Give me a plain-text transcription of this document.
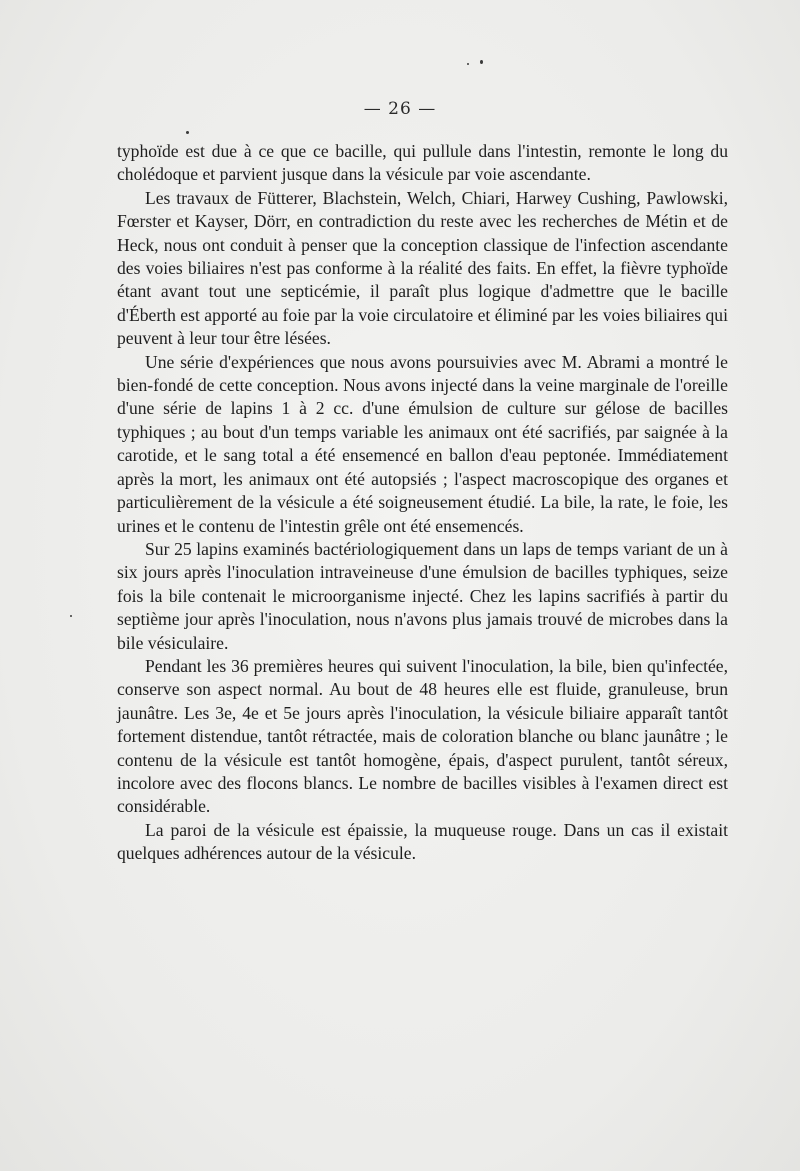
— 26 —

typhoïde est due à ce que ce bacille, qui pullule dans l'intestin, remonte le long du cholédoque et parvient jusque dans la vésicule par voie ascendante.

Les travaux de Fütterer, Blachstein, Welch, Chiari, Harwey Cushing, Pawlowski, Fœrster et Kayser, Dörr, en contradiction du reste avec les recherches de Métin et de Heck, nous ont conduit à penser que la conception classique de l'infection ascendante des voies biliaires n'est pas conforme à la réalité des faits. En effet, la fièvre typhoïde étant avant tout une septicémie, il paraît plus logique d'admettre que le bacille d'Éberth est apporté au foie par la voie circulatoire et éliminé par les voies biliaires qui peuvent à leur tour être lésées.

Une série d'expériences que nous avons poursuivies avec M. Abrami a montré le bien-fondé de cette conception. Nous avons injecté dans la veine marginale de l'oreille d'une série de lapins 1 à 2 cc. d'une émulsion de culture sur gélose de bacilles typhiques ; au bout d'un temps variable les animaux ont été sacrifiés, par saignée à la carotide, et le sang total a été ensemencé en ballon d'eau peptonée. Immédiatement après la mort, les animaux ont été autopsiés ; l'aspect macroscopique des organes et particulièrement de la vésicule a été soigneusement étudié. La bile, la rate, le foie, les urines et le contenu de l'intestin grêle ont été ensemencés.

Sur 25 lapins examinés bactériologiquement dans un laps de temps variant de un à six jours après l'inoculation intraveineuse d'une émulsion de bacilles typhiques, seize fois la bile contenait le microorganisme injecté. Chez les lapins sacrifiés à partir du septième jour après l'inoculation, nous n'avons plus jamais trouvé de microbes dans la bile vésiculaire.

Pendant les 36 premières heures qui suivent l'inoculation, la bile, bien qu'infectée, conserve son aspect normal. Au bout de 48 heures elle est fluide, granuleuse, brun jaunâtre. Les 3e, 4e et 5e jours après l'inoculation, la vésicule biliaire apparaît tantôt fortement distendue, tantôt rétractée, mais de coloration blanche ou blanc jaunâtre ; le contenu de la vésicule est tantôt homogène, épais, d'aspect purulent, tantôt séreux, incolore avec des flocons blancs. Le nombre de bacilles visibles à l'examen direct est considérable.

La paroi de la vésicule est épaissie, la muqueuse rouge. Dans un cas il existait quelques adhérences autour de la vésicule.
